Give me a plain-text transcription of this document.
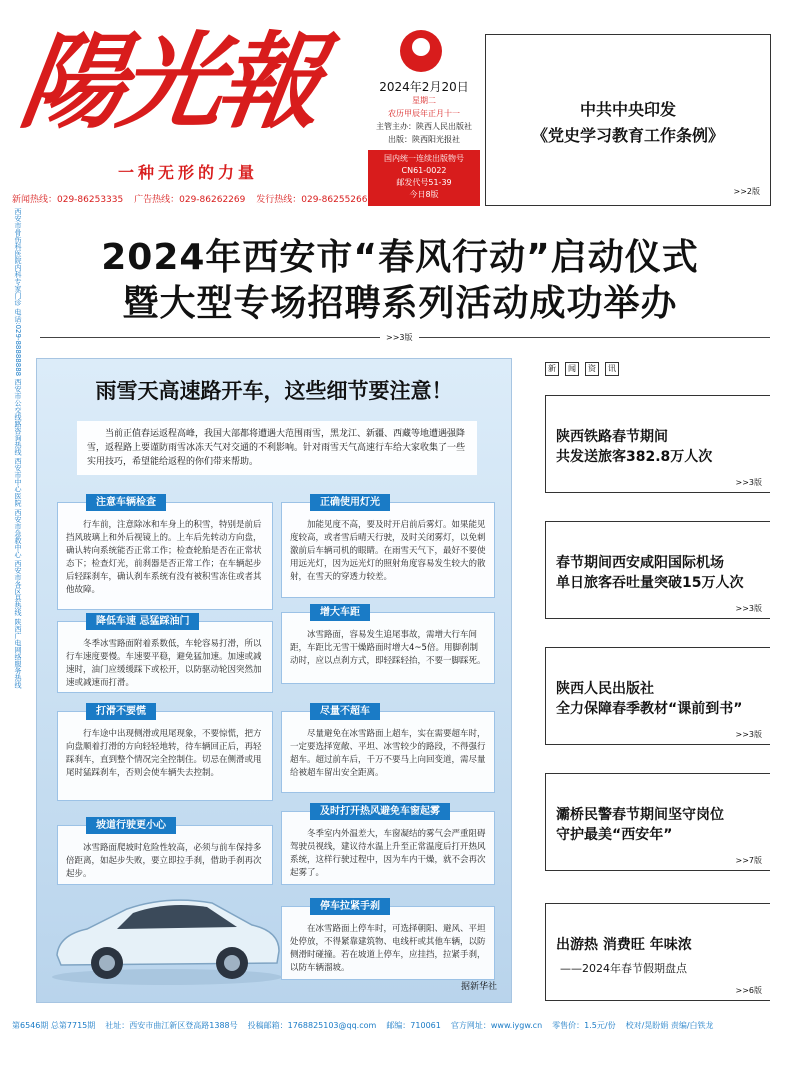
陽光報
一种无形的力量
新闻热线：029-86253335 广告热线：029-86262269 发行热线：029-86255266
2024年2月20日
星期二
农历甲辰年正月十一
主管主办：陕西人民出版社
出版：陕西阳光报社
国内统一连续出版物号
CN61-0022
邮发代号51-39
今日8版
中共中央印发
《党史学习教育工作条例》
>>2版
西安市骨伤科医院内科专家门诊 电话:029-88888888 西安市公交线路咨询热线 西安市中心医院 西安市急救中心 西安市各区县热线 陕西广电网络服务热线	2024年西安市“春风行动”启动仪式
暨大型专场招聘系列活动成功举办
>>3版
雨雪天高速路开车，这些细节要注意！
当前正值春运返程高峰，我国大部都将遭遇大范围雨雪，黑龙江、新疆、西藏等地遭遇强降雪，返程路上要谨防雨雪冰冻天气对交通的不利影响。针对雨雪天气高速行车给大家收集了一些实用技巧，希望能给返程的你们带来帮助。
注意车辆检查
行车前，注意除冰和车身上的积雪，特别是前后挡风玻璃上和外后视镜上的。上车后先转动方向盘，确认转向系统能否正常工作；检查轮胎是否在正常状态下；检查灯光，前刹器是否正常工作；在车辆起步后轻踩刹车，确认刹车系统有没有被积雪冻住或者其他故障。
正确使用灯光
加能见度不高，要及时开启前后雾灯。如果能见度较高，或者雪后晴天行驶，及时关闭雾灯，以免刺激前后车辆司机的眼睛。在雨雪天气下，最好不要使用远光灯，因为远光灯的照射角度容易发生较大的散射，在雪天的穿透力较差。
降低车速 忌猛踩油门
冬季冰雪路面附着系数低，车轮容易打滑，所以行车速度要慢。车速要平稳，避免猛加速。加速或减速时，油门应缓缓踩下或松开，以防驱动轮因突然加速或减速而打滑。
增大车距
冰雪路面，容易发生追尾事故，需增大行车间距，车距比无雪干燥路面时增大4~5倍。用脚刹制动时，应以点刹方式，即轻踩轻抬，不要一脚踩死。
打滑不要慌
行车途中出现侧滑或甩尾现象，不要惊慌，把方向盘顺着打滑的方向轻轻地转，待车辆回正后，再轻踩刹车，直到整个情况完全控制住。切忌在侧滑或甩尾时猛踩刹车，否则会使车辆失去控制。
尽量不超车
尽量避免在冰雪路面上超车，实在需要超车时，一定要选择宽敞、平坦、冰雪较少的路段，不得强行超车。超过前车后，千万不要马上向回变道，需尽量给被超车留出安全距离。
及时打开热风避免车窗起雾
冬季室内外温差大，车窗凝结的雾气会严重阻碍驾驶员视线，建议待水温上升至正常温度后打开热风系统，这样行驶过程中，因为车内干燥，就不会再次起雾了。
坡道行驶更小心
冰雪路面爬坡时危险性较高，必须与前车保持多倍距离，如起步失败，要立即拉手刹，借助手刹再次起步。
停车拉紧手刹
在冰雪路面上停车时，可选择朝阳、避风、平坦处停放，不得紧靠建筑物、电线杆或其他车辆，以防侧滑时碰撞。若在坡道上停车，应挂挡，拉紧手刹，以防车辆溜坡。
据新华社
新	闻	资	讯
陕西铁路春节期间
共发送旅客382.8万人次
>>3版
春节期间西安咸阳国际机场
单日旅客吞吐量突破15万人次
>>3版
陕西人民出版社
全力保障春季教材“课前到书”
>>3版
灞桥民警春节期间坚守岗位
守护最美“西安年”
>>7版
出游热 消费旺 年味浓
——2024年春节假期盘点
>>6版
第6546期 总第7715期 社址：西安市曲江新区登高路1388号 投稿邮箱：1768825103@qq.com 邮编：710061 官方网址：www.iygw.cn 零售价：1.5元/份 校对/晃盼娟 责编/白铁龙
